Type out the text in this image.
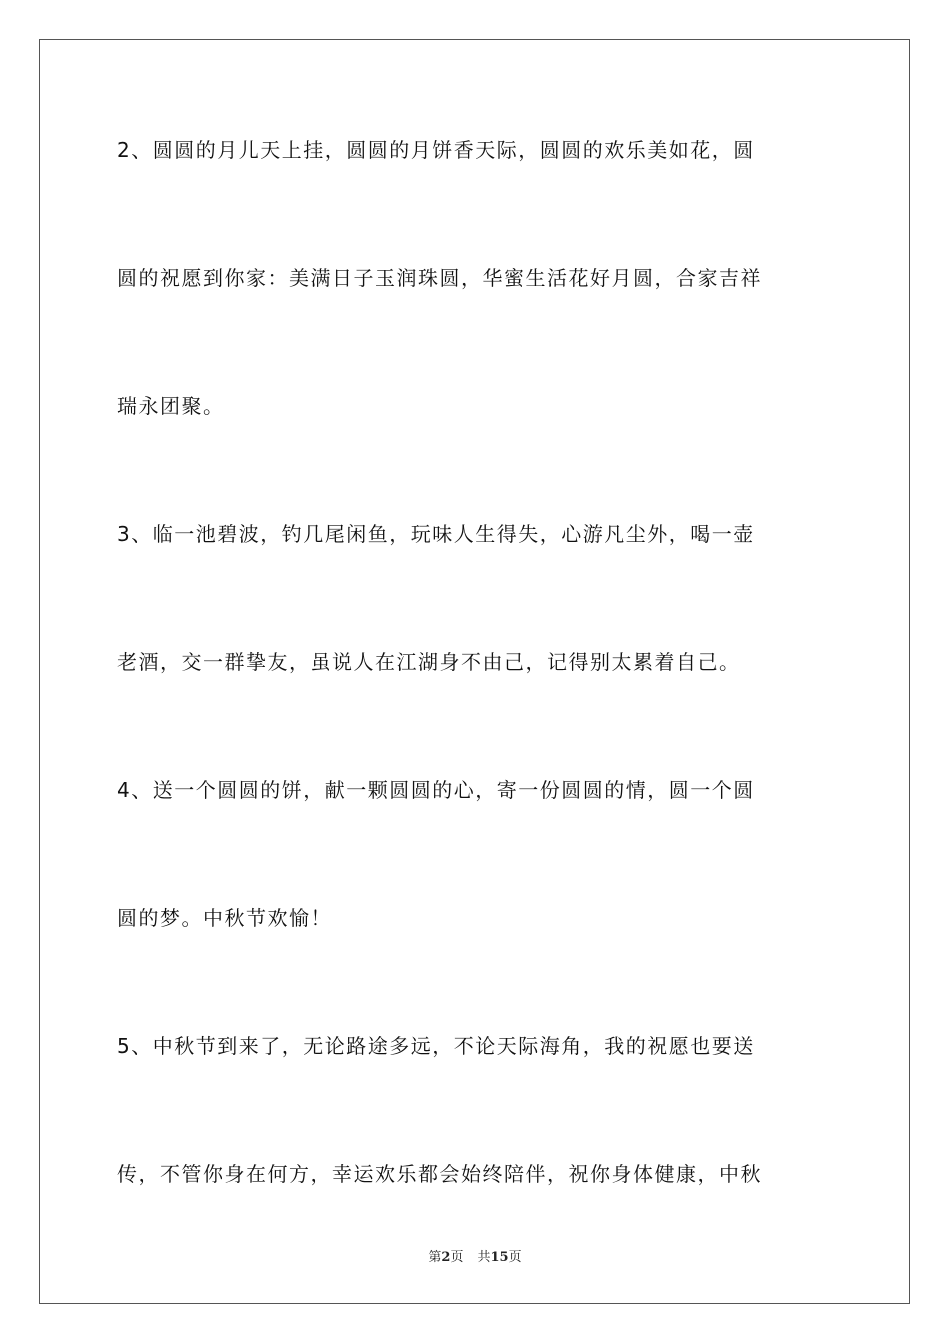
2、圆圆的月儿天上挂，圆圆的月饼香天际，圆圆的欢乐美如花，圆
圆的祝愿到你家：美满日子玉润珠圆，华蜜生活花好月圆，合家吉祥
瑞永团聚。
3、临一池碧波，钓几尾闲鱼，玩味人生得失，心游凡尘外，喝一壶
老酒，交一群挚友，虽说人在江湖身不由己，记得别太累着自己。
4、送一个圆圆的饼，献一颗圆圆的心，寄一份圆圆的情，圆一个圆
圆的梦。中秋节欢愉！
5、中秋节到来了，无论路途多远，不论天际海角，我的祝愿也要送
传，不管你身在何方，幸运欢乐都会始终陪伴，祝你身体健康，中秋
第2页 共15页
